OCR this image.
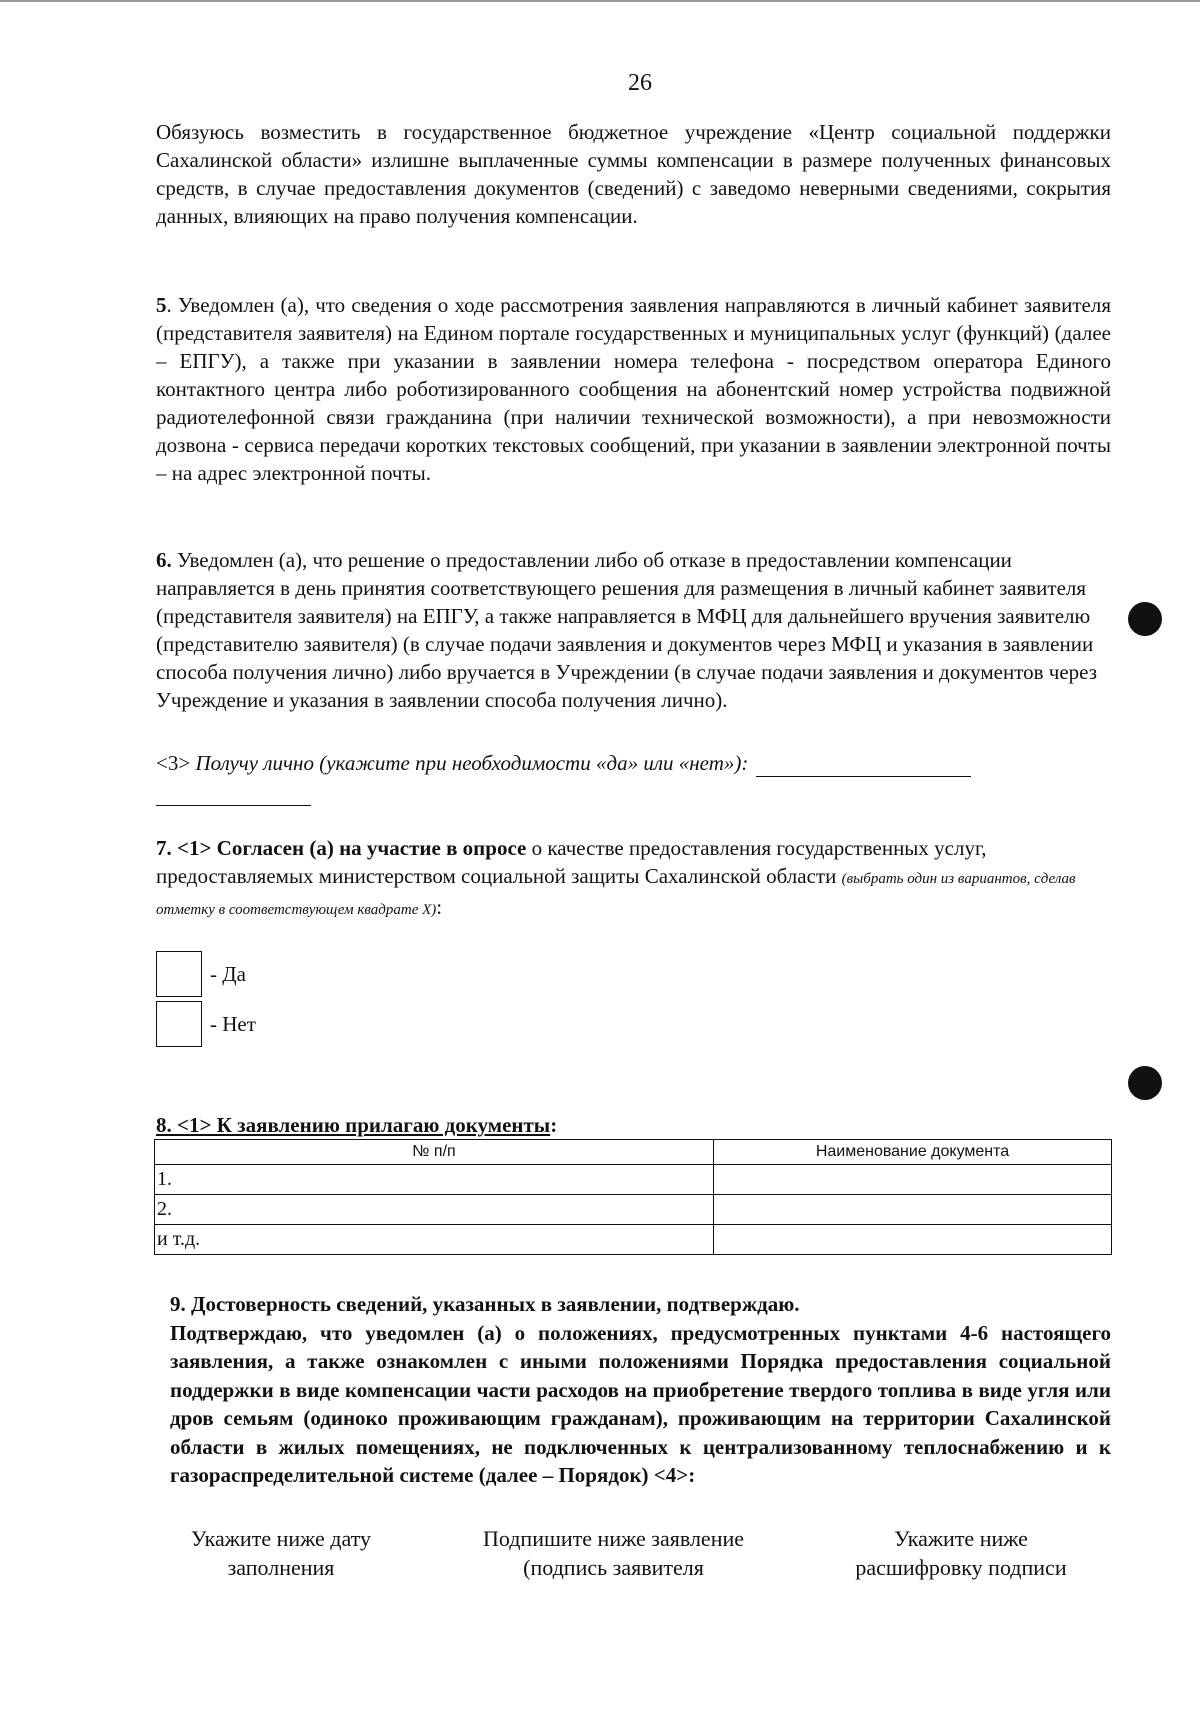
26
Обязуюсь возместить в государственное бюджетное учреждение «Центр социальной поддержки Сахалинской области» излишне выплаченные суммы компенсации в размере полученных финансовых средств, в случае предоставления документов (сведений) с заведомо неверными сведениями, сокрытия данных, влияющих на право получения компенсации.
5. Уведомлен (а), что сведения о ходе рассмотрения заявления направляются в личный кабинет заявителя (представителя заявителя) на Едином портале государственных и муниципальных услуг (функций) (далее – ЕПГУ), а также при указании в заявлении номера телефона - посредством оператора Единого контактного центра либо роботизированного сообщения на абонентский номер устройства подвижной радиотелефонной связи гражданина (при наличии технической возможности), а при невозможности дозвона - сервиса передачи коротких текстовых сообщений, при указании в заявлении электронной почты – на адрес электронной почты.
6. Уведомлен (а), что решение о предоставлении либо об отказе в предоставлении компенсации направляется в день принятия соответствующего решения для размещения в личный кабинет заявителя (представителя заявителя) на ЕПГУ, а также направляется в МФЦ для дальнейшего вручения заявителю (представителю заявителя) (в случае подачи заявления и документов через МФЦ и указания в заявлении способа получения лично) либо вручается в Учреждении (в случае подачи заявления и документов через Учреждение и указания в заявлении способа получения лично).
<3> Получу лично (укажите при необходимости «да» или «нет»):
7. <1> Согласен (а) на участие в опросе о качестве предоставления государственных услуг, предоставляемых министерством социальной защиты Сахалинской области (выбрать один из вариантов, сделав отметку в соответствующем квадрате Х):
- Да
- Нет
8. <1> К заявлению прилагаю документы:
№ п/п	Наименование документа
1.	
2.	
и т.д.	
9. Достоверность сведений, указанных в заявлении, подтверждаю.
Подтверждаю, что уведомлен (а) о положениях, предусмотренных пунктами 4-6 настоящего заявления, а также ознакомлен с иными положениями Порядка предоставления социальной поддержки в виде компенсации части расходов на приобретение твердого топлива в виде угля или дров семьям (одиноко проживающим гражданам), проживающим на территории Сахалинской области в жилых помещениях, не подключенных к централизованному теплоснабжению и к газораспределительной системе (далее – Порядок) <4>:
Укажите ниже дату заполнения
Подпишите ниже заявление (подпись заявителя
Укажите ниже расшифровку подписи
